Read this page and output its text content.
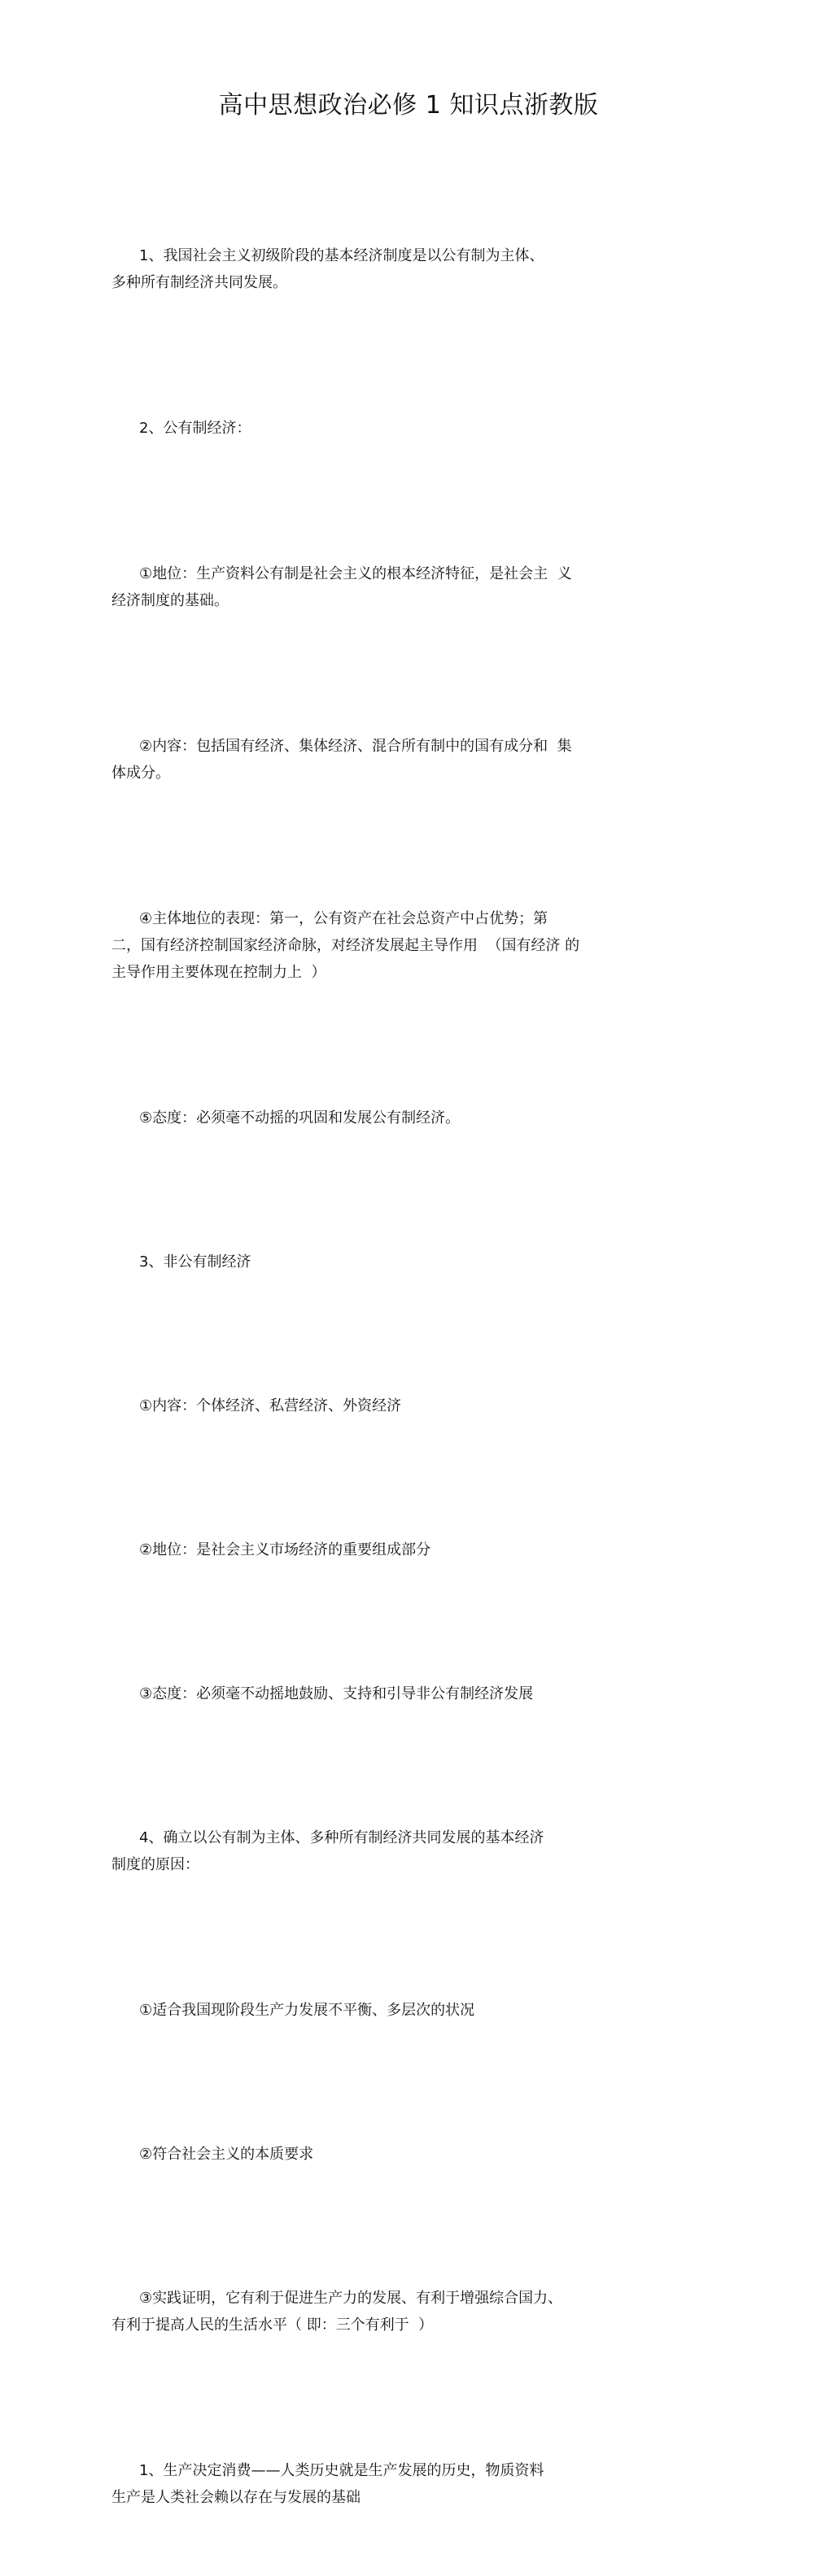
高中思想政治必修 1 知识点浙教版

1、我国社会主义初级阶段的基本经济制度是以公有制为主体、
多种所有制经济共同发展。

2、公有制经济：

①地位：生产资料公有制是社会主义的根本经济特征，是社会主  义
经济制度的基础。

②内容：包括国有经济、集体经济、混合所有制中的国有成分和  集
体成分。

④主体地位的表现：第一，公有资产在社会总资产中占优势；第
二，国有经济控制国家经济命脉，对经济发展起主导作用  （国有经济 的
主导作用主要体现在控制力上  ）

⑤态度：必须毫不动摇的巩固和发展公有制经济。

3、非公有制经济

①内容：个体经济、私营经济、外资经济

②地位：是社会主义市场经济的重要组成部分

③态度：必须毫不动摇地鼓励、支持和引导非公有制经济发展

4、确立以公有制为主体、多种所有制经济共同发展的基本经济
制度的原因：

①适合我国现阶段生产力发展不平衡、多层次的状况

②符合社会主义的本质要求

③实践证明，它有利于促进生产力的发展、有利于增强综合国力、
有利于提高人民的生活水平（ 即：三个有利于  ）

1、生产决定消费——人类历史就是生产发展的历史，物质资料
生产是人类社会赖以存在与发展的基础
